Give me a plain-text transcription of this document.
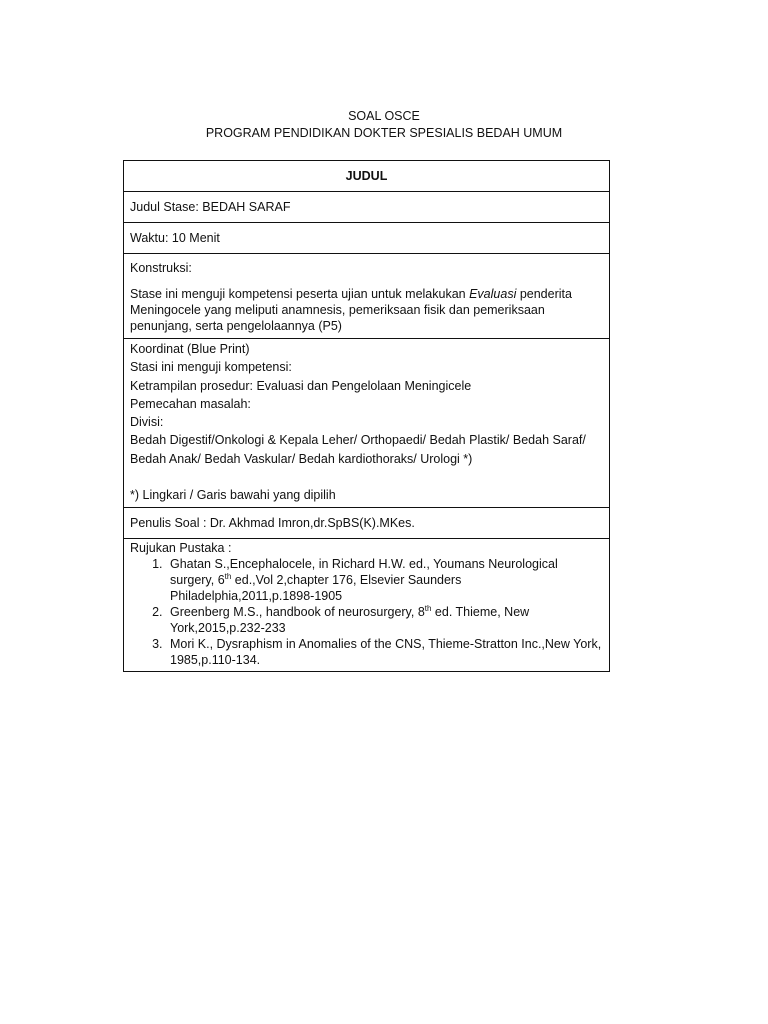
SOAL OSCE
PROGRAM PENDIDIKAN DOKTER SPESIALIS BEDAH UMUM
JUDUL
Judul Stase: BEDAH SARAF
Waktu: 10 Menit

Konstruksi:
Stase ini menguji kompetensi peserta ujian untuk melakukan Evaluasi penderita Meningocele yang meliputi anamnesis, pemeriksaan fisik dan pemeriksaan penunjang, serta pengelolaannya (P5)

Koordinat (Blue Print)
Stasi ini menguji kompetensi:
Ketrampilan prosedur: Evaluasi dan Pengelolaan Meningicele
Pemecahan masalah:
Divisi:
Bedah Digestif/Onkologi & Kepala Leher/ Orthopaedi/ Bedah Plastik/ Bedah Saraf/ Bedah Anak/ Bedah Vaskular/ Bedah kardiothoraks/ Urologi *)
*) Lingkari / Garis bawahi yang dipilih

Penulis Soal : Dr. Akhmad Imron,dr.SpBS(K).MKes.

Rujukan Pustaka :
1. Ghatan S.,Encephalocele, in Richard H.W. ed., Youmans Neurological surgery, 6th ed.,Vol 2,chapter 176, Elsevier Saunders Philadelphia,2011,p.1898-1905
2. Greenberg M.S., handbook of neurosurgery, 8th ed. Thieme, New York,2015,p.232-233
3. Mori K., Dysraphism in Anomalies of the CNS, Thieme-Stratton Inc.,New York, 1985,p.110-134.
